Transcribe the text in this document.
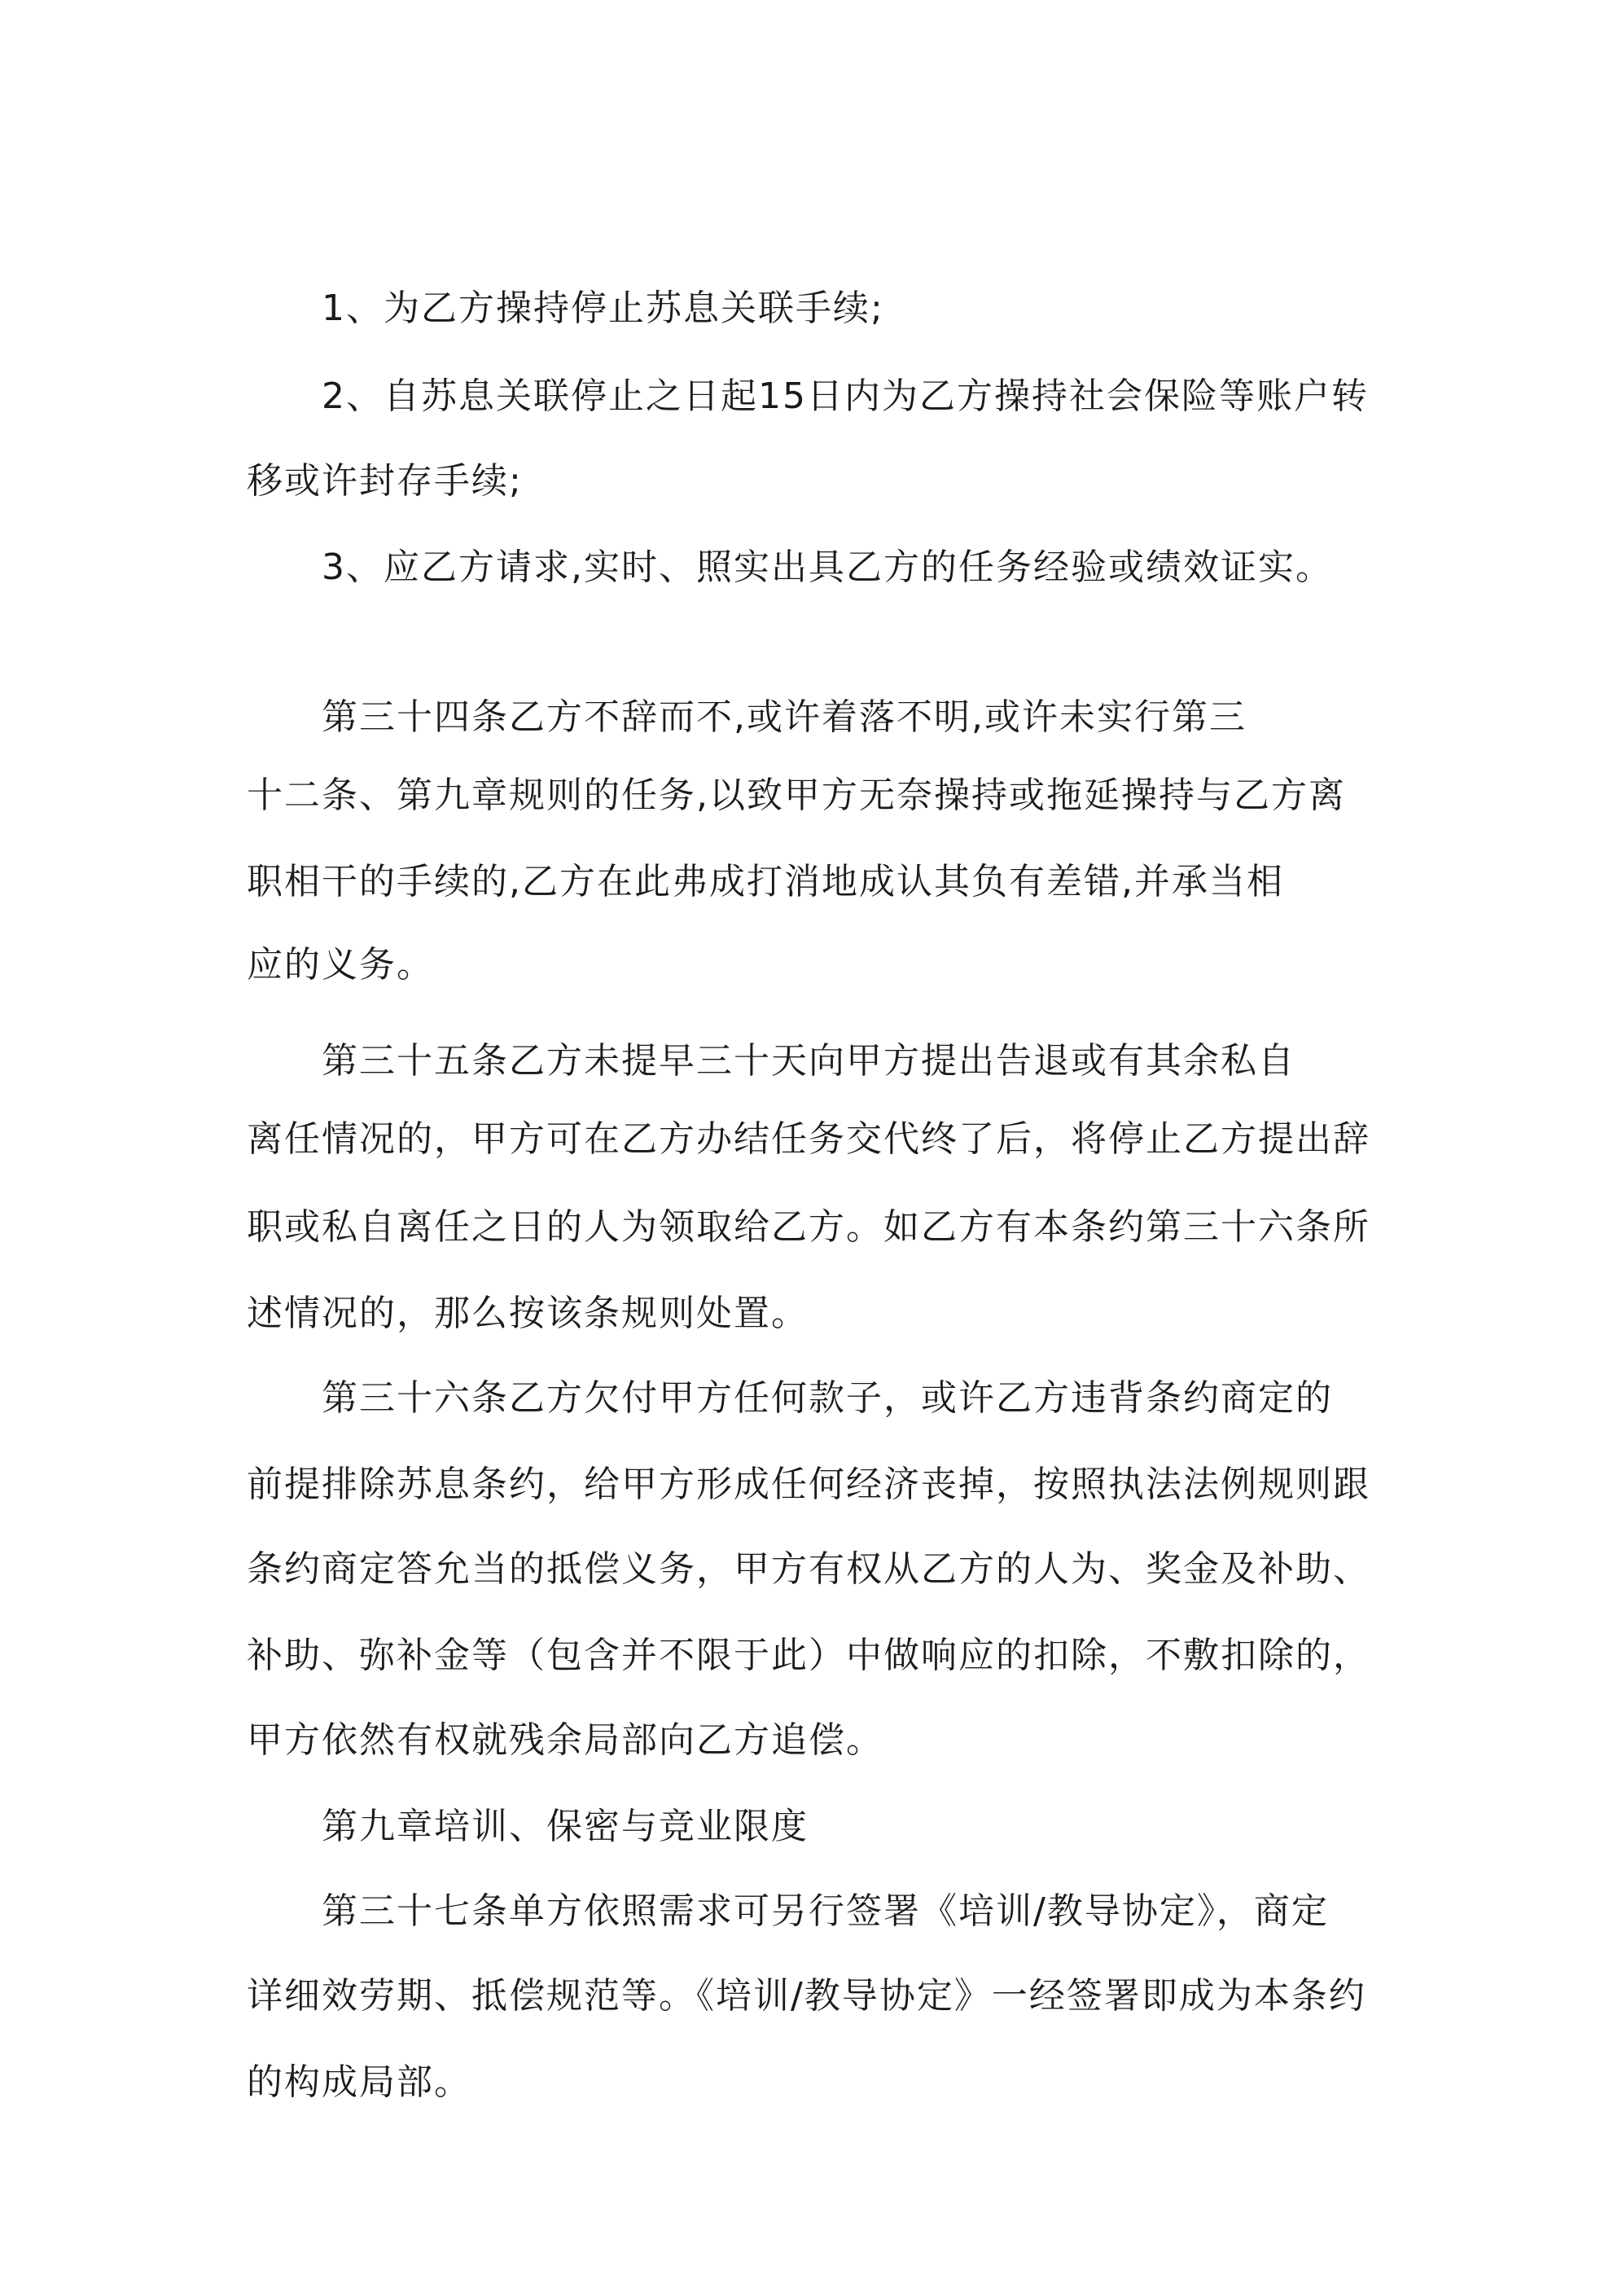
1、为乙方操持停止苏息关联手续;
2、自苏息关联停止之日起15日内为乙方操持社会保险等账户转
移或许封存手续;
3、应乙方请求,实时、照实出具乙方的任务经验或绩效证实。
第三十四条乙方不辞而不,或许着落不明,或许未实行第三
十二条、第九章规则的任务,以致甲方无奈操持或拖延操持与乙方离
职相干的手续的,乙方在此弗成打消地成认其负有差错,并承当相
应的义务。
第三十五条乙方未提早三十天向甲方提出告退或有其余私自
离任情况的，甲方可在乙方办结任务交代终了后，将停止乙方提出辞
职或私自离任之日的人为领取给乙方。如乙方有本条约第三十六条所
述情况的，那么按该条规则处置。
第三十六条乙方欠付甲方任何款子，或许乙方违背条约商定的
前提排除苏息条约，给甲方形成任何经济丧掉，按照执法法例规则跟
条约商定答允当的抵偿义务，甲方有权从乙方的人为、奖金及补助、
补助、弥补金等（包含并不限于此）中做响应的扣除，不敷扣除的，
甲方依然有权就残余局部向乙方追偿。
第九章培训、保密与竞业限度
第三十七条单方依照需求可另行签署《培训/教导协定》，商定
详细效劳期、抵偿规范等。《培训/教导协定》一经签署即成为本条约
的构成局部。
